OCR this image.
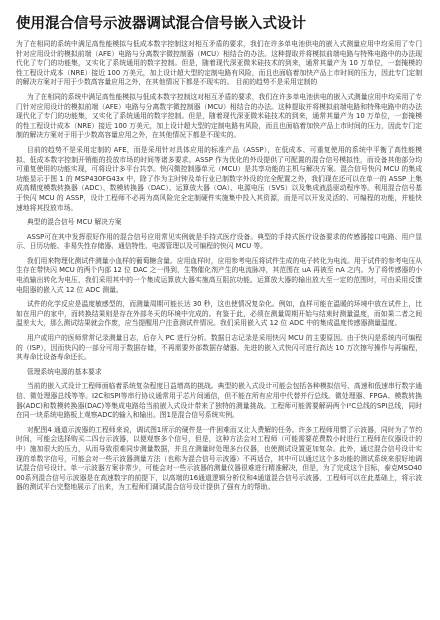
使用混合信号示波器调试混合信号嵌入式设计

为了在相同的系统中满足高性能模拟与低成本数字控制这对相互矛盾的要求，我们在许多单电池供电的嵌入式测量应用中均采用了专门针对应用设计的模拟前端（AFE）电路与分离数字微控制器（MCU）相结合的办法。这种提取并将模拟前端电路与特殊电路中的办法现代化了专门的功能集，又实化了系统通用的数字控制。但是，随着现代深亚微米硅技术的到来，通常其量产为 10 万单位，一套掩模的性工程设计成本（NRE）接近 100 万美元，加上设计超大型的定制电路有风险，而且也面临着加快产品上市时间的压力，因此专门定制的解决方案对于用于少数高容量应用之外，在其他情况下都是不现实的。 目前的趋势不是采用定制的

为了在相同的系统中满足高性能模拟与低成本数字控制这对相互矛盾的要求，我们在许多单电池供电的嵌入式测量应用中均采用了专门针对应用设计的模拟前端（AFE）电路与分离数字微控制器（MCU）相结合的办法。这种提取并将模拟前端电路和特殊电路中的办法现代化了专门的功能集，又实化了系统通用的数字控制。但是，随着现代深亚微米硅技术的到来，通常其量产为 10 万单位，一套掩模的性工程设计成本（NRE）接近 100 万美元，加上设计超大型的定制电路有风险，而且也面临着加快产品上市时间的压力，因此专门定制的解决方案对于用于少数高容量应用之外，在其他情况下都是不现实的。

目前的趋势不是采用定制的 AFE，而是采用针对具体应用的标准产品（ASSP），在低成本、可重复使用的系统中平衡了高性能模拟、低成本数字控制开销能的投放市场的时间等诸多要求。ASSP 作为优化的外设提供了可配置的混合信号模拟性，而设备其他部分均可重复使用的功能实现，可将设计多平台共享。快闪微控制器单元（MCU）是共享功能的主机与解决方案。混合信号快闪 MCU 的集成功能显示于图 1 的 MSP430FG43x 中，除了作为主时钟及单行业已制数字外设的完全配置之外，我们现在还可以在单一的 ASSP 上集成高精度模数转换器（ADC）、数模转换器（DAC）、运算放大器（OA）、电源电压（SVS）以及集成液晶驱动程序等。利用混合信号基于快闪 MCU 的 ASSP，设计工程师不必再为高风险完全定制硬件实施集中投入其资源，而是可以开发灵活的、可编程的功能，并能快速地将其投放市场。

典型的混合信号 MCU 解决方案

ASSP可在其中发挥很好作用的混合信号应用常见实例就是手持式医疗设备。典型的手持式医疗设备要求的传感器接口电路、用户显示、日历功能、非易失性存储器、通信特性、电源管理以及可编程的快闪 MCU 等。

我们用来物理化测试件测量小血样的葡萄糖含量。应用血样时，应用参考电压将试件生成的电子转化为电流。用于试件的参考电压从生存在带快闪 MCU 的两个内部 12 位 DAC 之一得到，生物催化剂产生的电流脉冲，其范围在 uA 再被至 nA 之内。为了将传感器的小电流输出转化为电压，我们采用其中的一个集成运算放大器实施高互阻抗功能。运算放大器的输出放大至一定的范围时，可由采用反馈电阻器的嵌入式 12 位 ADC 测量。

试件的化学反应是温度敏感型的，而测量周期可能长达 30 秒，这也使情况复杂化。例如，血样可能在温暖的环境中放在试件上，比如在用户的家中，而转换结果则是存在外部冬天的环境中完成的。有鉴于此，必须在测量周期开始与结束时测量温度，而如果二者之间温差太大，那么测试结果就会作废，应当提醒用户注意测试件情况。我们采用嵌入式 12 位 ADC 中的集成温度传感器测量温度。

用户或用户的医师常常记录测量日志，后存入 PC 进行分析。数据日志记录是采用快闪 MCU 的主要原因。由于快闪是系统内可编程的（ISP），因而快闪的一部分可用于数据存储，不再需要外部数据存储器。先进的嵌入式快闪可进行高达 10 万次擦写操作与再编程，其寿命比设备寿命还长。

管理系统电源的基本要求

当前的嵌入式设计工程师面临着系统复杂程度日益增高的挑战。典型的嵌入式设计可能会包括各种模拟信号、高速和低速串行数字通信、微处理器总线等等。I2C和SPI等串行协议通常用于芯片间通信，但不能在所有应用中代替并行总线。微处理器、FPGA、模数转换器(ADC)和数模转换器(DAC)等集成电路给当前嵌入式设计带来了独特的测量挑战。工程师可能需要解码两个I²C总线的SPI总线，同时在同一块系统电路板上观察ADC的输入和输出。图1是混合信号系统实例。

对配图4 通道示波器的工程师来说，调试图1所示的硬件是一件困难而又让人费解的任务。许多工程师用惯了示波器，同时为了节约时间，可能会选择购买二四台示波器，以便观察多个信号，但是，这种方法会对工程师（可能需要花费数小时进行工程师在仪器设计的中）施加很大的压力，从而导致很难同步测量数据，并且在测量时处理多台仪器，也使测试设置更加复杂。此外，通过混合信号设计实现的单数字信号，可能会对一些示波器测量方法（也称为混合信号示波器）不再适合，其中可以通过这个多功能的测试系统来很好地调试混合信号设计。单一示波器方案非常少，可能会对一些示波器的测量仪器很难进行精准解决，但是，为了完成这个目标，泰克MSO4000系列混合信号示波器是在高速数字的前提下，以高端的16通道逻辑分析仪和4通道混合信号示波器，工程师可以在此基础上，将示波器的测试平台完整地展示了出来，为工程师们调试混合信号设计提供了强有力的帮助。
